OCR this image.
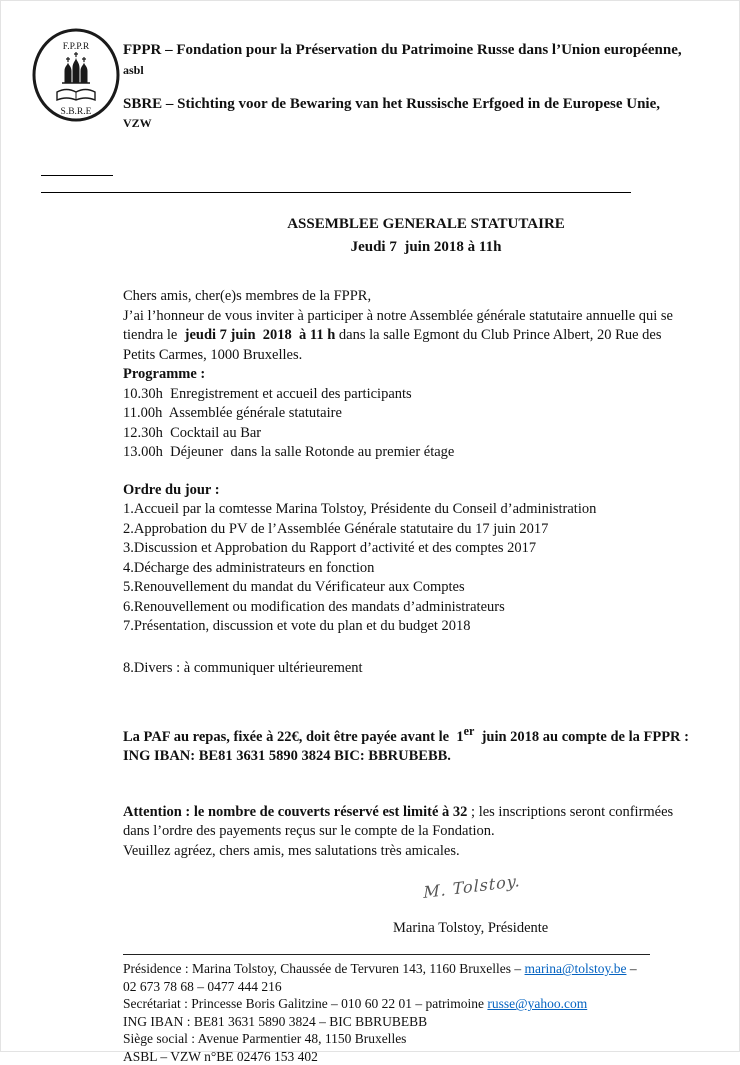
F.P.P.R
S.B.R.E

FPPR – Fondation pour la Préservation du Patrimoine Russe dans l’Union européenne,

asbl

SBRE – Stichting voor de Bewaring van het Russische Erfgoed in de Europese Unie, VZW

ASSEMBLEE GENERALE STATUTAIRE

Jeudi 7  juin 2018 à 11h

Chers amis, cher(e)s membres de la FPPR,

J’ai l’honneur de vous inviter à participer à notre Assemblée générale statutaire annuelle qui se tiendra le  jeudi 7 juin  2018  à 11 h dans la salle Egmont du Club Prince Albert, 20 Rue des Petits Carmes, 1000 Bruxelles.

Programme :

10.30h  Enregistrement et accueil des participants

11.00h  Assemblée générale statutaire

12.30h  Cocktail au Bar

13.00h  Déjeuner  dans la salle Rotonde au premier étage

Ordre du jour :

1.Accueil par la comtesse Marina Tolstoy, Présidente du Conseil d’administration

2.Approbation du PV de l’Assemblée Générale statutaire du 17 juin 2017

3.Discussion et Approbation du Rapport d’activité et des comptes 2017

4.Décharge des administrateurs en fonction

5.Renouvellement du mandat du Vérificateur aux Comptes

6.Renouvellement ou modification des mandats d’administrateurs

7.Présentation, discussion et vote du plan et du budget 2018

8.Divers : à communiquer ultérieurement

La PAF au repas, fixée à 22€, doit être payée avant le  1er  juin 2018 au compte de la FPPR :   ING IBAN: BE81 3631 5890 3824 BIC: BBRUBEBB.

Attention : le nombre de couverts réservé est limité à 32 ; les inscriptions seront confirmées dans l’ordre des payements reçus sur le compte de la Fondation.

Veuillez agréez, chers amis, mes salutations très amicales.

M. Tolstoy.

Marina Tolstoy, Présidente

Présidence : Marina Tolstoy, Chaussée de Tervuren 143, 1160 Bruxelles – marina@tolstoy.be –

02 673 78 68 – 0477 444 216

Secrétariat : Princesse Boris Galitzine – 010 60 22 01 – patrimoine russe@yahoo.com

ING IBAN : BE81 3631 5890 3824 – BIC BBRUBEBB

Siège social : Avenue Parmentier 48, 1150 Bruxelles

ASBL – VZW n°BE 02476 153 402
